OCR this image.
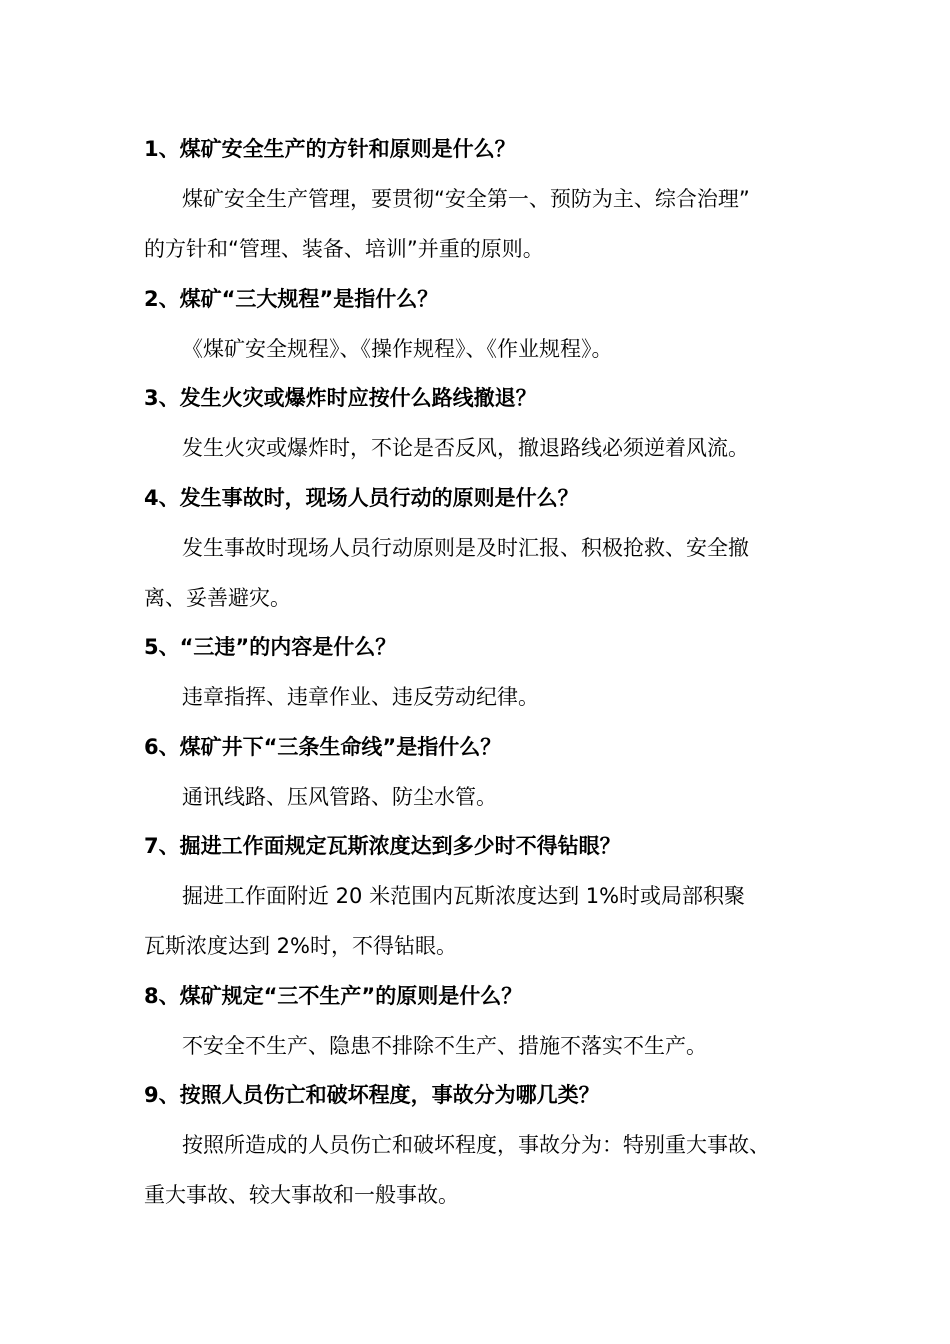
1、煤矿安全生产的方针和原则是什么？
煤矿安全生产管理，要贯彻“安全第一、预防为主、综合治理”
的方针和“管理、装备、培训”并重的原则。
2、煤矿“三大规程”是指什么？
《煤矿安全规程》、《操作规程》、《作业规程》。
3、发生火灾或爆炸时应按什么路线撤退？
发生火灾或爆炸时，不论是否反风，撤退路线必须逆着风流。
4、发生事故时，现场人员行动的原则是什么？
发生事故时现场人员行动原则是及时汇报、积极抢救、安全撤
离、妥善避灾。
5、“三违”的内容是什么？
违章指挥、违章作业、违反劳动纪律。
6、煤矿井下“三条生命线”是指什么？
通讯线路、压风管路、防尘水管。
7、掘进工作面规定瓦斯浓度达到多少时不得钻眼？
掘进工作面附近 20 米范围内瓦斯浓度达到 1%时或局部积聚
瓦斯浓度达到 2%时，不得钻眼。
8、煤矿规定“三不生产”的原则是什么？
不安全不生产、隐患不排除不生产、措施不落实不生产。
9、按照人员伤亡和破坏程度，事故分为哪几类？
按照所造成的人员伤亡和破坏程度，事故分为：特别重大事故、
重大事故、较大事故和一般事故。
